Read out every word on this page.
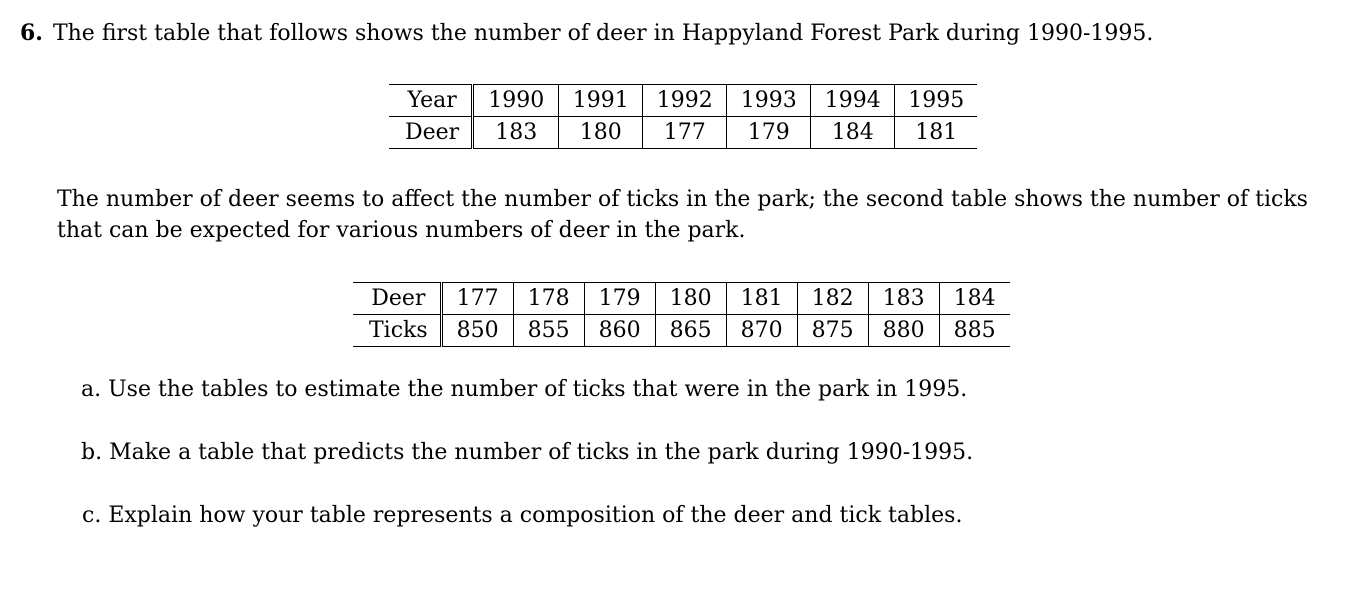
6. The first table that follows shows the number of deer in Happyland Forest Park during 1990-1995.
Year	1990	1991	1992	1993	1994	1995
Deer	183	180	177	179	184	181
The number of deer seems to affect the number of ticks in the park; the second table shows the number of ticks
that can be expected for various numbers of deer in the park.
Deer	177	178	179	180	181	182	183	184
Ticks	850	855	860	865	870	875	880	885
a. Use the tables to estimate the number of ticks that were in the park in 1995.
b. Make a table that predicts the number of ticks in the park during 1990-1995.
c. Explain how your table represents a composition of the deer and tick tables.
